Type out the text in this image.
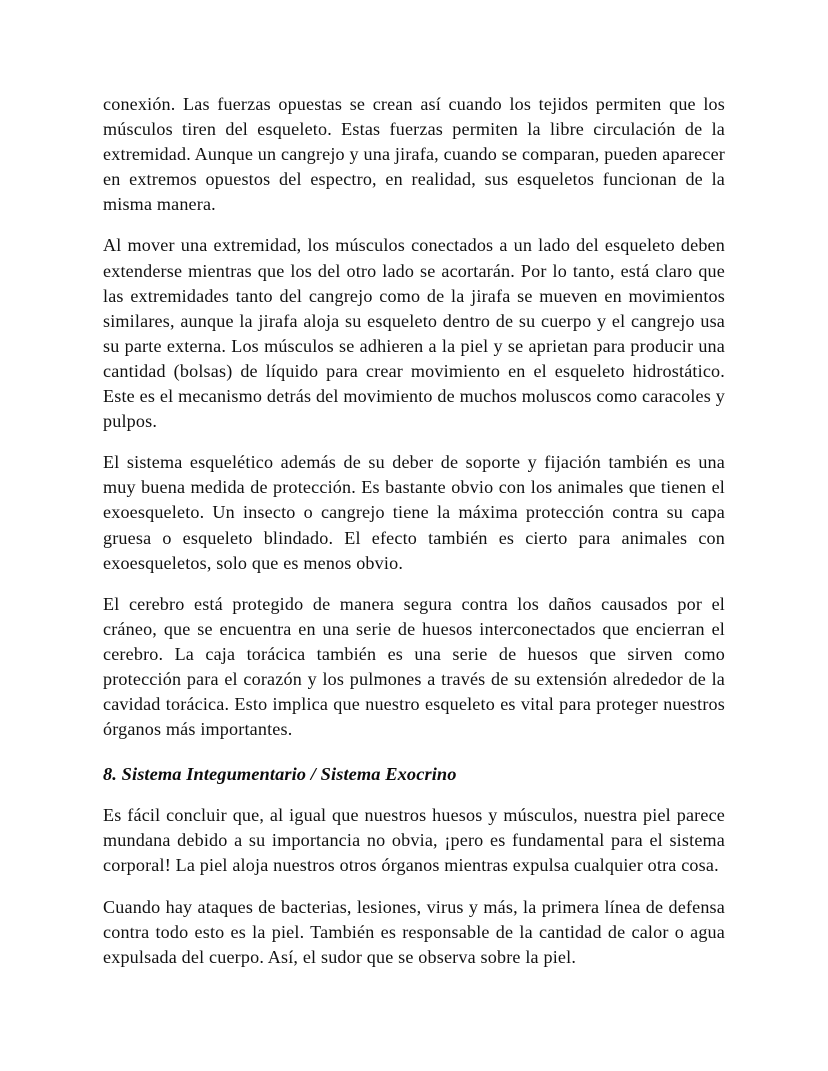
conexión. Las fuerzas opuestas se crean así cuando los tejidos permiten que los músculos tiren del esqueleto. Estas fuerzas permiten la libre circulación de la extremidad. Aunque un cangrejo y una jirafa, cuando se comparan, pueden aparecer en extremos opuestos del espectro, en realidad, sus esqueletos funcionan de la misma manera.

Al mover una extremidad, los músculos conectados a un lado del esqueleto deben extenderse mientras que los del otro lado se acortarán. Por lo tanto, está claro que las extremidades tanto del cangrejo como de la jirafa se mueven en movimientos similares, aunque la jirafa aloja su esqueleto dentro de su cuerpo y el cangrejo usa su parte externa. Los músculos se adhieren a la piel y se aprietan para producir una cantidad (bolsas) de líquido para crear movimiento en el esqueleto hidrostático. Este es el mecanismo detrás del movimiento de muchos moluscos como caracoles y pulpos.

El sistema esquelético además de su deber de soporte y fijación también es una muy buena medida de protección. Es bastante obvio con los animales que tienen el exoesqueleto. Un insecto o cangrejo tiene la máxima protección contra su capa gruesa o esqueleto blindado. El efecto también es cierto para animales con exoesqueletos, solo que es menos obvio.

El cerebro está protegido de manera segura contra los daños causados por el cráneo, que se encuentra en una serie de huesos interconectados que encierran el cerebro. La caja torácica también es una serie de huesos que sirven como protección para el corazón y los pulmones a través de su extensión alrededor de la cavidad torácica. Esto implica que nuestro esqueleto es vital para proteger nuestros órganos más importantes.

8. Sistema Integumentario / Sistema Exocrino

Es fácil concluir que, al igual que nuestros huesos y músculos, nuestra piel parece mundana debido a su importancia no obvia, ¡pero es fundamental para el sistema corporal! La piel aloja nuestros otros órganos mientras expulsa cualquier otra cosa.

Cuando hay ataques de bacterias, lesiones, virus y más, la primera línea de defensa contra todo esto es la piel. También es responsable de la cantidad de calor o agua expulsada del cuerpo. Así, el sudor que se observa sobre la piel.
